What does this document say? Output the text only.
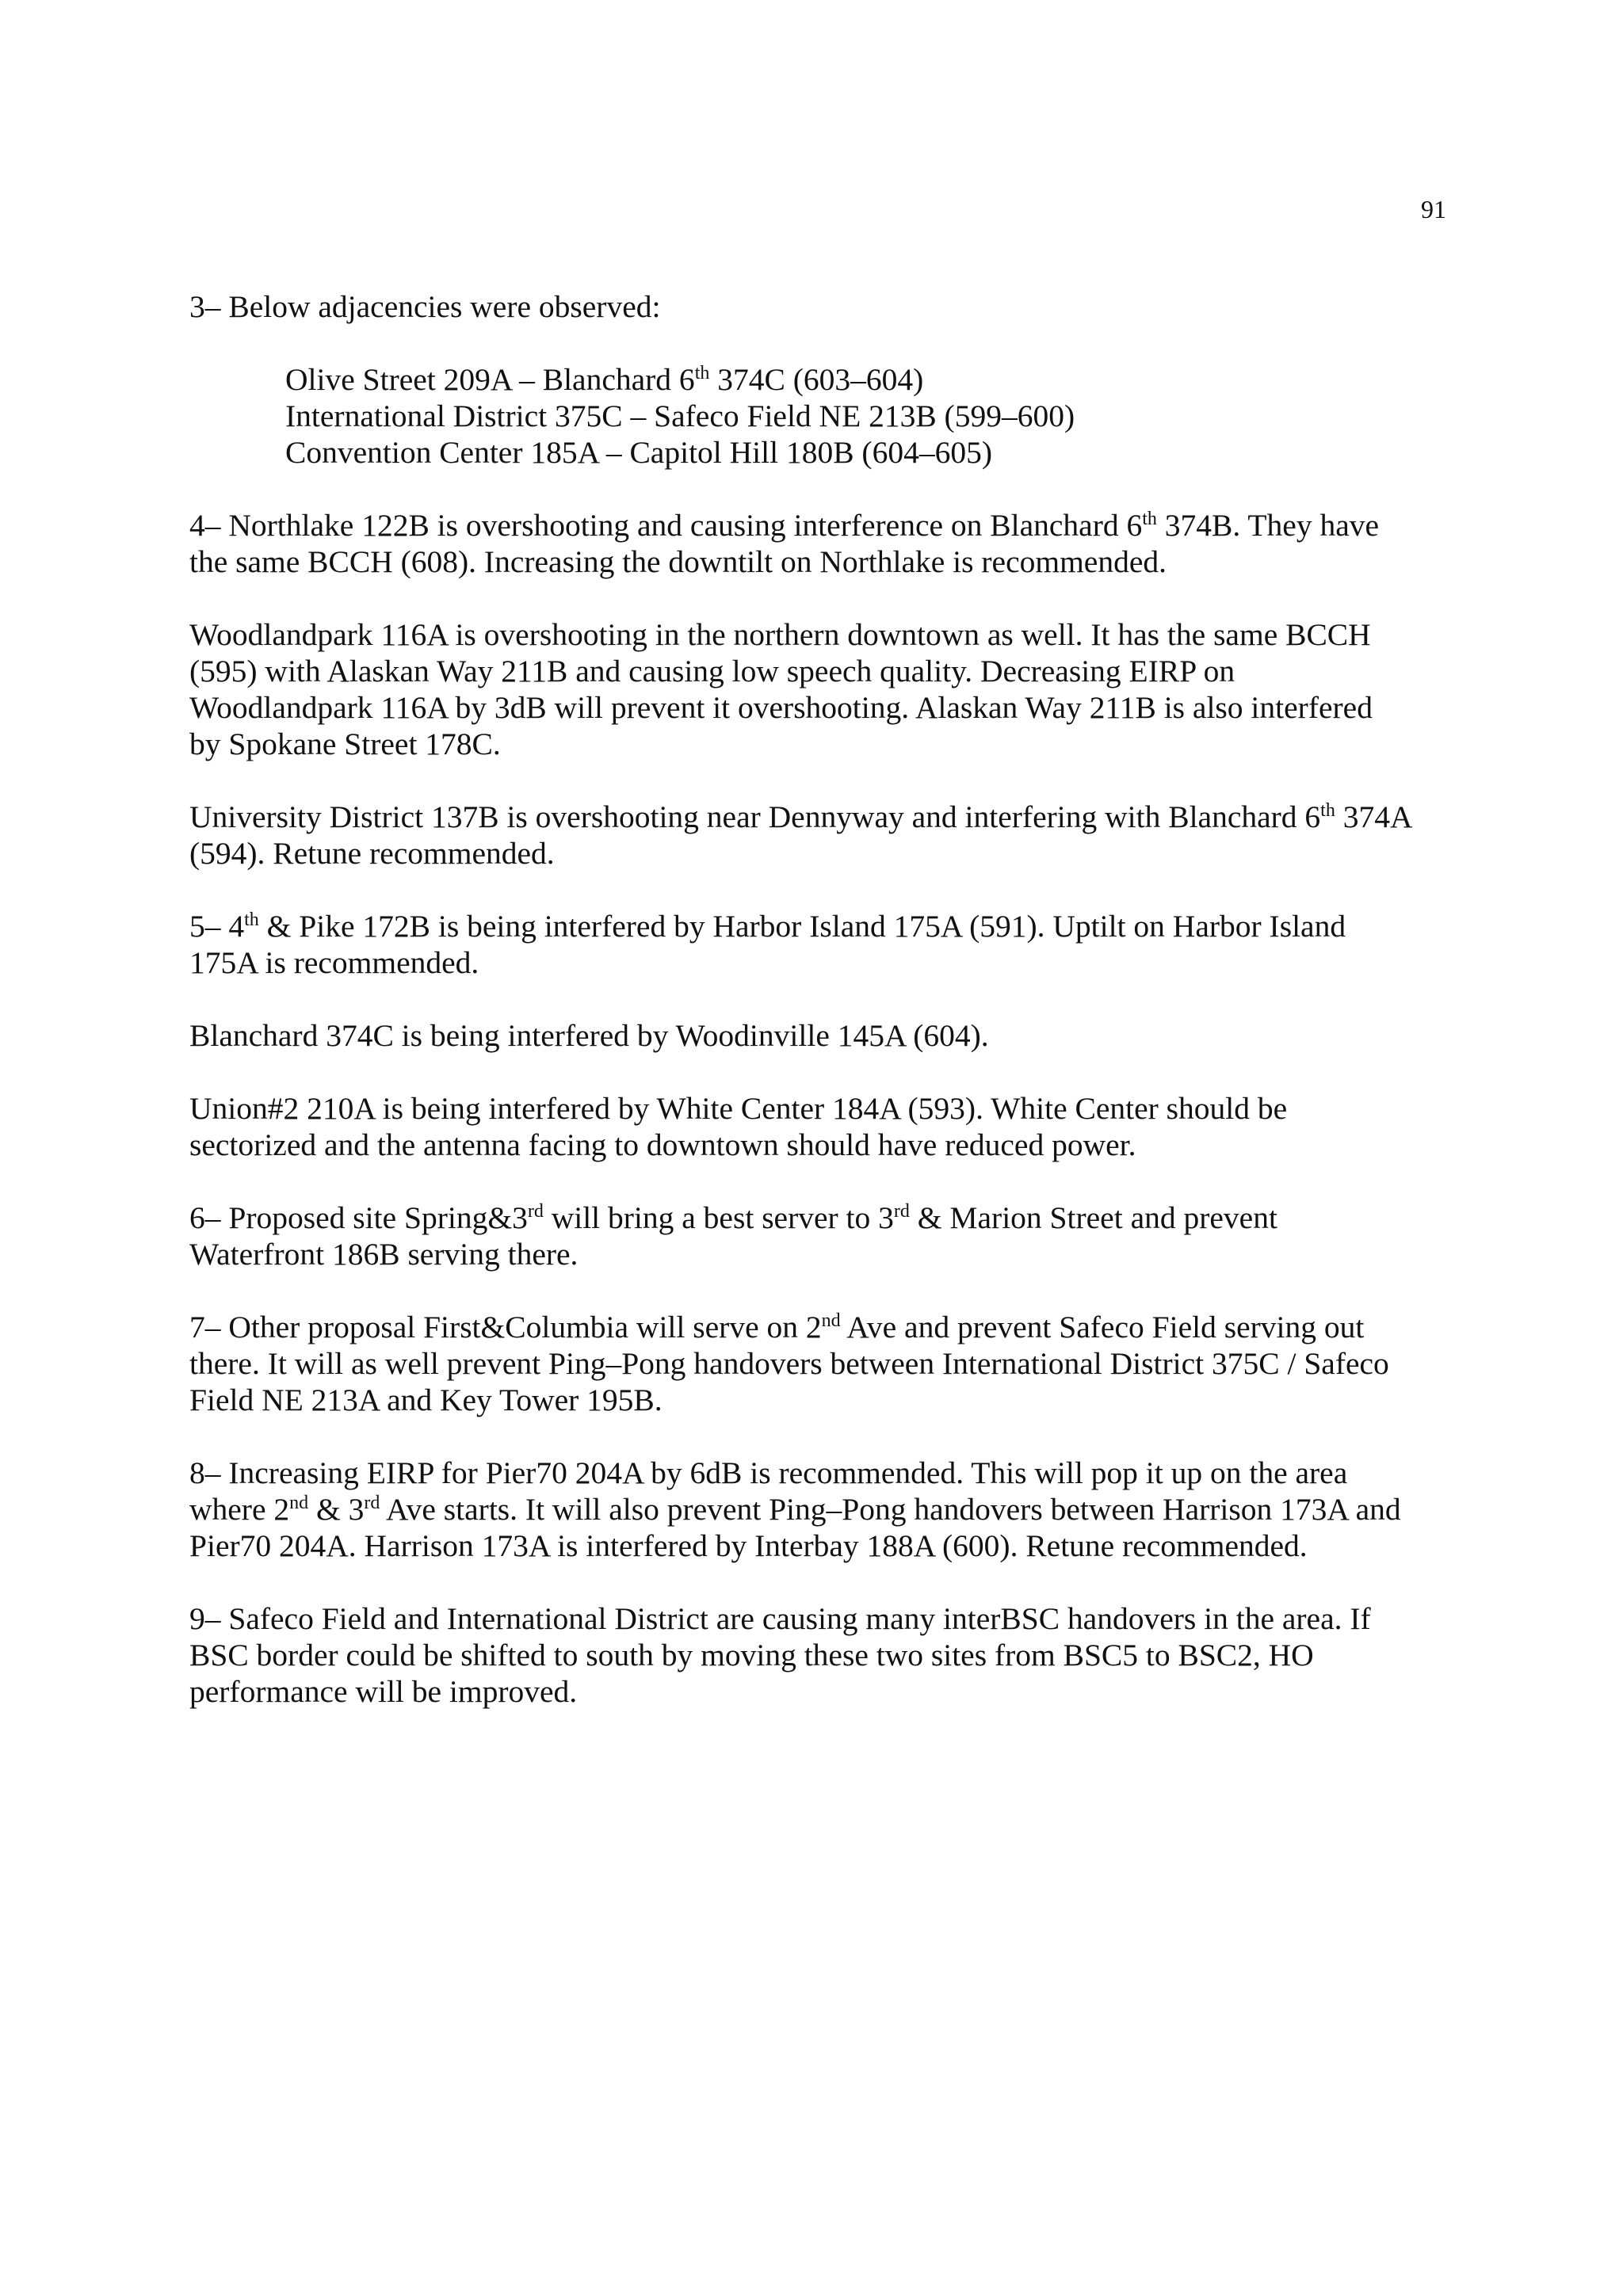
91

3– Below adjacencies were observed:

Olive Street 209A – Blanchard 6th 374C (603–604)
International District 375C – Safeco Field NE 213B (599–600)
Convention Center 185A – Capitol Hill 180B (604–605)

4– Northlake 122B is overshooting and causing interference on Blanchard 6th 374B. They have
the same BCCH (608). Increasing the downtilt on Northlake is recommended.

Woodlandpark 116A is overshooting in the northern downtown as well. It has the same BCCH
(595) with Alaskan Way 211B and causing low speech quality. Decreasing EIRP on
Woodlandpark 116A by 3dB will prevent it overshooting. Alaskan Way 211B is also interfered
by Spokane Street 178C.

University District 137B is overshooting near Dennyway and interfering with Blanchard 6th 374A
(594). Retune recommended.

5– 4th & Pike 172B is being interfered by Harbor Island 175A (591). Uptilt on Harbor Island
175A is recommended.

Blanchard 374C is being interfered by Woodinville 145A (604).

Union#2 210A is being interfered by White Center 184A (593). White Center should be
sectorized and the antenna facing to downtown should have reduced power.

6– Proposed site Spring&3rd will bring a best server to 3rd & Marion Street and prevent
Waterfront 186B serving there.

7– Other proposal First&Columbia will serve on 2nd Ave and prevent Safeco Field serving out
there. It will as well prevent Ping–Pong handovers between International District 375C / Safeco
Field NE 213A and Key Tower 195B.

8– Increasing EIRP for Pier70 204A by 6dB is recommended. This will pop it up on the area
where 2nd & 3rd Ave starts. It will also prevent Ping–Pong handovers between Harrison 173A and
Pier70 204A. Harrison 173A is interfered by Interbay 188A (600). Retune recommended.

9– Safeco Field and International District are causing many interBSC handovers in the area. If
BSC border could be shifted to south by moving these two sites from BSC5 to BSC2, HO
performance will be improved.
